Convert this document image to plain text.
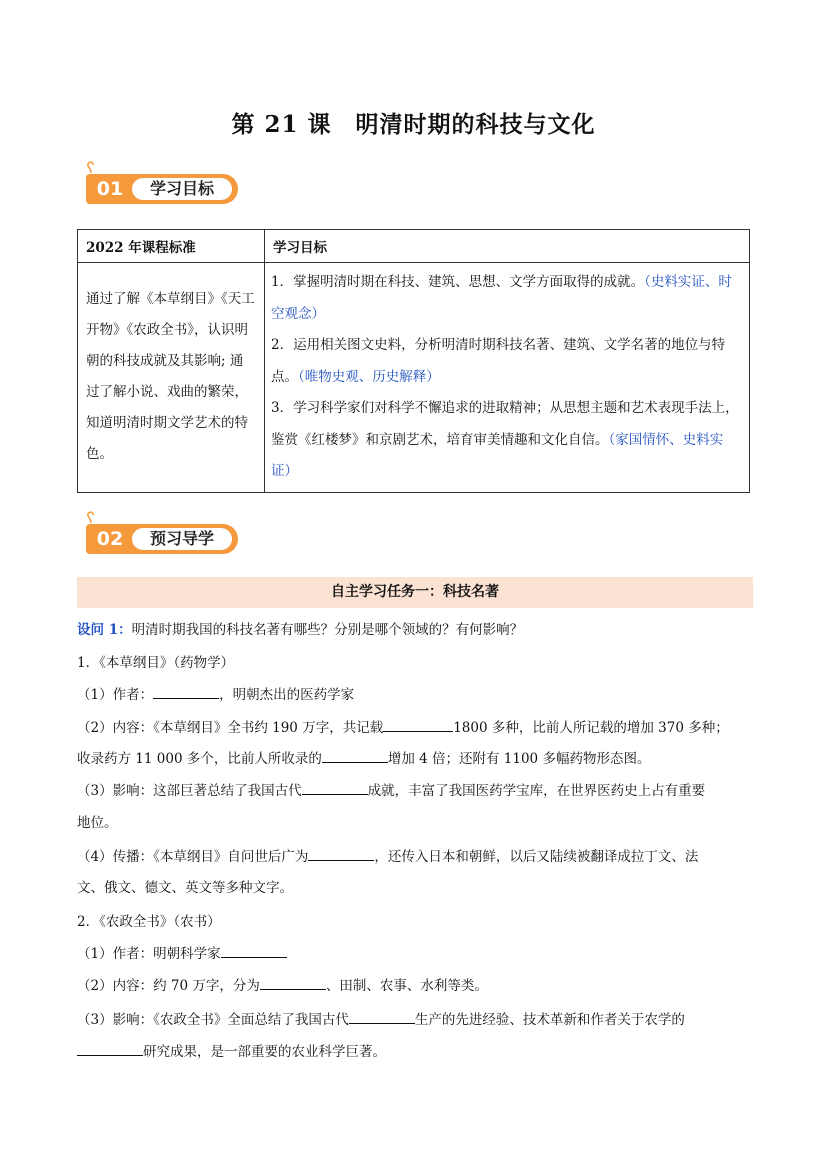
第 21 课　明清时期的科技与文化
01	学习目标
2022 年课程标准	学习目标
通过了解《本草纲目》《天工开物》《农政全书》，认识明朝的科技成就及其影响; 通过了解小说、戏曲的繁荣，知道明清时期文学艺术的特色。	1．掌握明清时期在科技、建筑、思想、文学方面取得的成就。（史料实证、时空观念）
2．运用相关图文史料，分析明清时期科技名著、建筑、文学名著的地位与特点。（唯物史观、历史解释）
3．学习科学家们对科学不懈追求的进取精神；从思想主题和艺术表现手法上，鉴赏《红楼梦》和京剧艺术，培育审美情趣和文化自信。（家国情怀、史料实证）
02	预习导学
自主学习任务一：科技名著
设问 1：明清时期我国的科技名著有哪些？分别是哪个领域的？有何影响？
1．《本草纲目》（药物学）
（1）作者：	，明朝杰出的医药学家
（2）内容：《本草纲目》全书约 190 万字，共记载	1800 多种，比前人所记载的增加 370 多种；
收录药方 11 000 多个，比前人所收录的	增加 4 倍；还附有 1100 多幅药物形态图。
（3）影响：这部巨著总结了我国古代	成就，丰富了我国医药学宝库，在世界医药史上占有重要
地位。
（4）传播：《本草纲目》自问世后广为	，还传入日本和朝鲜，以后又陆续被翻译成拉丁文、法
文、俄文、德文、英文等多种文字。
2．《农政全书》（农书）
（1）作者：明朝科学家
（2）内容：约 70 万字，分为	、田制、农事、水利等类。
（3）影响：《农政全书》全面总结了我国古代	生产的先进经验、技术革新和作者关于农学的
研究成果，是一部重要的农业科学巨著。
